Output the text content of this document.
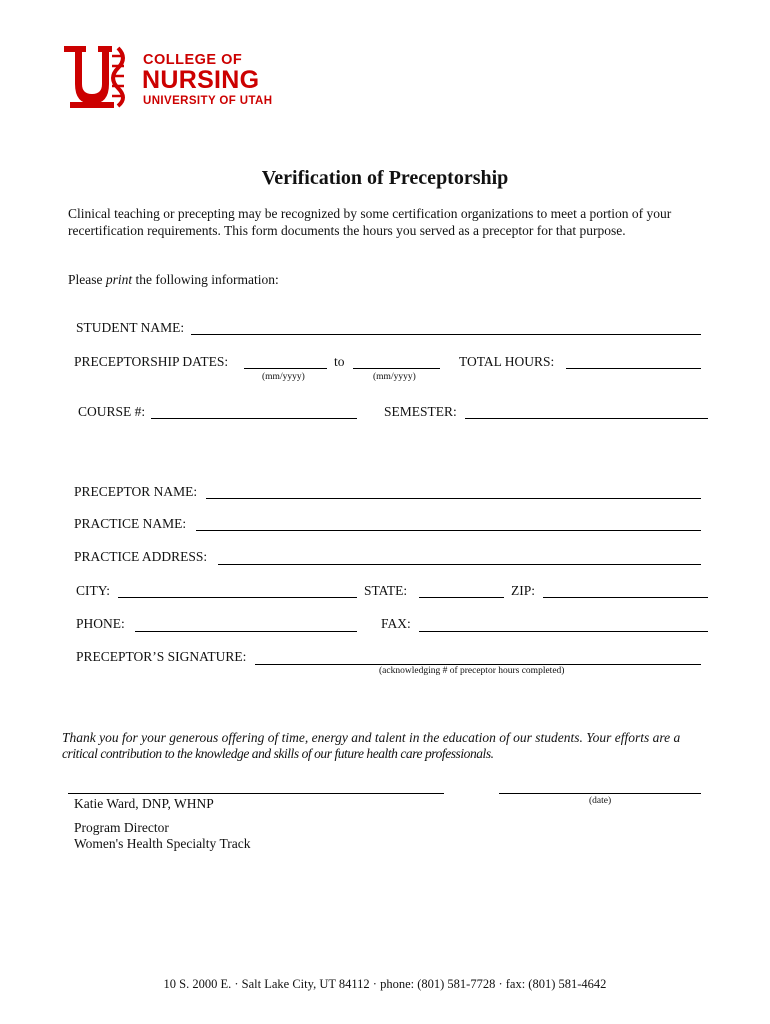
COLLEGE OF
NURSING
UNIVERSITY OF UTAH
Verification of Preceptorship
Clinical teaching or precepting may be recognized by some certification organizations to meet a portion of your
recertification requirements. This form documents the hours you served as a preceptor for that purpose.
Please print the following information:
STUDENT NAME:
PRECEPTORSHIP DATES:
(mm/yyyy)
to
(mm/yyyy)
TOTAL HOURS:
COURSE #:	SEMESTER:
PRECEPTOR NAME:
PRACTICE NAME:
PRACTICE ADDRESS:
CITY:	STATE:	ZIP:
PHONE:	FAX:
PRECEPTOR’S SIGNATURE:
(acknowledging # of preceptor hours completed)
Thank you for your generous offering of time, energy and talent in the education of our students. Your efforts are a
critical contribution to the knowledge and skills of our future health care professionals.
(date)
Katie Ward, DNP, WHNP
Program Director
Women's Health Specialty Track
10 S. 2000 E. · Salt Lake City, UT 84112 · phone: (801) 581-7728 · fax: (801) 581-4642
